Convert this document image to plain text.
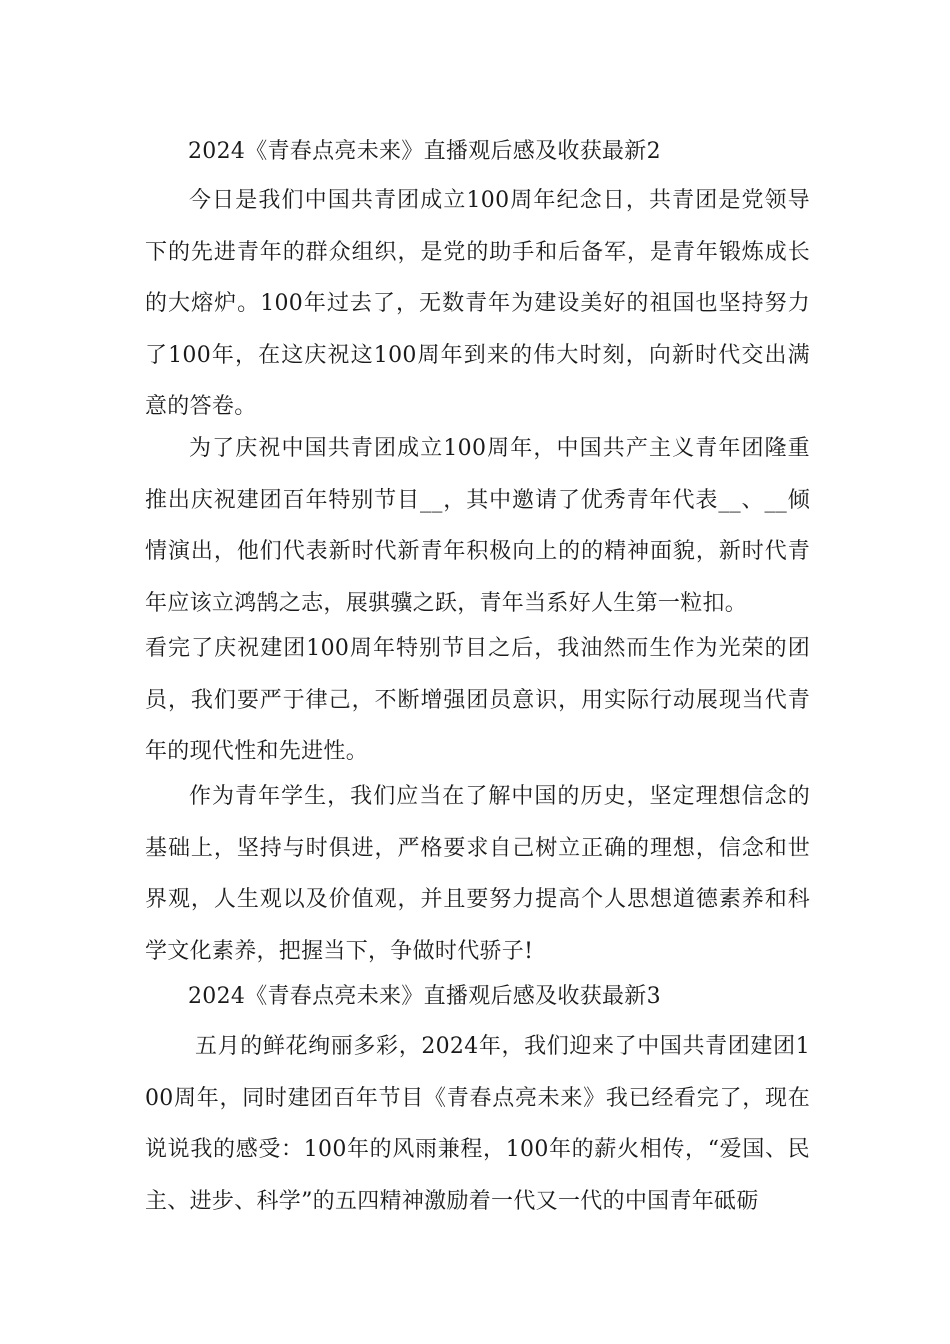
2024《青春点亮未来》直播观后感及收获最新2

今日是我们中国共青团成立100周年纪念日，共青团是党领导下的先进青年的群众组织，是党的助手和后备军，是青年锻炼成长的大熔炉。100年过去了，无数青年为建设美好的祖国也坚持努力了100年，在这庆祝这100周年到来的伟大时刻，向新时代交出满意的答卷。

为了庆祝中国共青团成立100周年，中国共产主义青年团隆重推出庆祝建团百年特别节目__，其中邀请了优秀青年代表__、__倾情演出，他们代表新时代新青年积极向上的的精神面貌，新时代青年应该立鸿鹄之志，展骐骥之跃，青年当系好人生第一粒扣。

看完了庆祝建团100周年特别节目之后，我油然而生作为光荣的团员，我们要严于律己，不断增强团员意识，用实际行动展现当代青年的现代性和先进性。

作为青年学生，我们应当在了解中国的历史，坚定理想信念的基础上，坚持与时俱进，严格要求自己树立正确的理想，信念和世界观，人生观以及价值观，并且要努力提高个人思想道德素养和科学文化素养，把握当下，争做时代骄子!

2024《青春点亮未来》直播观后感及收获最新3

五月的鲜花绚丽多彩，2024年，我们迎来了中国共青团建团100周年，同时建团百年节目《青春点亮未来》我已经看完了，现在说说我的感受：100年的风雨兼程，100年的薪火相传，“爱国、民主、进步、科学”的五四精神激励着一代又一代的中国青年砥砺
